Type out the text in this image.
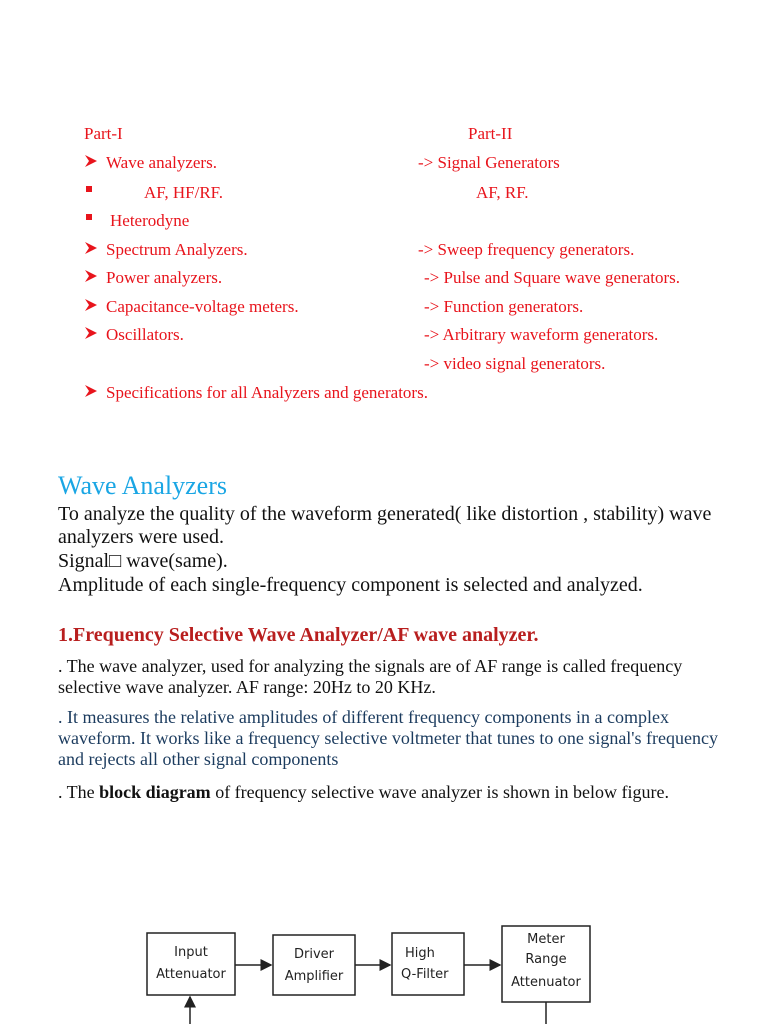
Part-I	Part-II
Wave analyzers.
AF, HF/RF.
Heterodyne
Spectrum Analyzers.
Power analyzers.
Capacitance-voltage meters.
Oscillators.
Specifications for all Analyzers and generators.
-> Signal Generators
AF, RF.
-> Sweep frequency generators.
-> Pulse and Square wave generators.
-> Function generators.
-> Arbitrary waveform generators.
-> video signal generators.
Wave Analyzers
To analyze the quality of the waveform generated( like distortion , stability) wave analyzers were used.
Signal□ wave(same).
Amplitude of each single-frequency component is selected and analyzed.
1.Frequency Selective Wave Analyzer/AF wave analyzer.
. The wave analyzer, used for analyzing the signals are of AF range is called frequency selective wave analyzer. AF range: 20Hz to 20 KHz.
. It measures the relative amplitudes of different frequency components in a complex waveform. It works like a frequency selective voltmeter that tunes to one signal's frequency and rejects all other signal components
. The block diagram of frequency selective wave analyzer is shown in below figure.
Input
Attenuator
Driver
Amplifier
High
Q-Filter
Meter
Range
Attenuator
